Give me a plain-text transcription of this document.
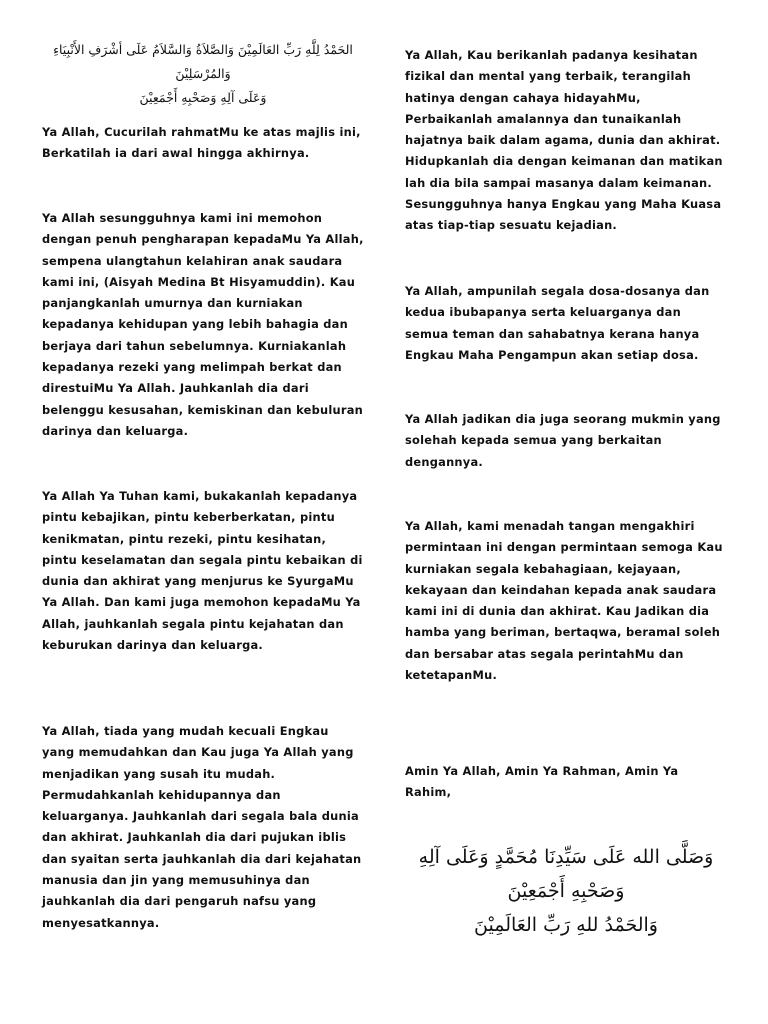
الحَمْدُ لِلَّهِ رَبِّ العَالَمِيْنَ وَالصَّلاَةُ وَالسَّلاَمُ عَلَى أشْرَفِ الأَنْبِيَاءِ
وَالمُرْسَلِيْنَ
وَعَلَى آلِهِ وَصَحْبِهِ أَجْمَعِيْنَ

Ya Allah, Cucurilah rahmatMu ke atas majlis ini, Berkatilah ia dari awal hingga akhirnya.

Ya Allah sesungguhnya kami ini memohon dengan penuh pengharapan kepadaMu Ya Allah, sempena ulangtahun kelahiran anak saudara kami ini, (Aisyah Medina Bt Hisyamuddin). Kau panjangkanlah umurnya dan kurniakan kepadanya kehidupan yang lebih bahagia dan berjaya dari tahun sebelumnya. Kurniakanlah kepadanya rezeki yang melimpah berkat dan direstuiMu Ya Allah. Jauhkanlah dia dari belenggu kesusahan, kemiskinan dan kebuluran darinya dan keluarga.

Ya Allah Ya Tuhan kami, bukakanlah kepadanya pintu kebajikan, pintu keberberkatan, pintu kenikmatan, pintu rezeki, pintu kesihatan, pintu keselamatan dan segala pintu kebaikan di dunia dan akhirat yang menjurus ke SyurgaMu Ya Allah. Dan kami juga memohon kepadaMu Ya Allah, jauhkanlah segala pintu kejahatan dan keburukan darinya dan keluarga.

Ya Allah, tiada yang mudah kecuali Engkau yang memudahkan dan Kau juga Ya Allah yang menjadikan yang susah itu mudah. Permudahkanlah kehidupannya dan keluarganya. Jauhkanlah dari segala bala dunia dan akhirat. Jauhkanlah dia dari pujukan iblis dan syaitan serta jauhkanlah dia dari kejahatan manusia dan jin yang memusuhinya dan jauhkanlah dia dari pengaruh nafsu yang menyesatkannya.

Ya Allah, Kau berikanlah padanya kesihatan fizikal dan mental yang terbaik, terangilah hatinya dengan cahaya hidayahMu, Perbaikanlah amalannya dan tunaikanlah hajatnya baik dalam agama, dunia dan akhirat. Hidupkanlah dia dengan keimanan dan matikan lah dia bila sampai masanya dalam keimanan. Sesungguhnya hanya Engkau yang Maha Kuasa atas tiap-tiap sesuatu kejadian.

Ya Allah, ampunilah segala dosa-dosanya dan kedua ibubapanya serta keluarganya dan semua teman dan sahabatnya kerana hanya Engkau Maha Pengampun akan setiap dosa.

Ya Allah jadikan dia juga seorang mukmin yang solehah kepada semua yang berkaitan dengannya.

Ya Allah, kami menadah tangan mengakhiri permintaan ini dengan permintaan semoga Kau kurniakan segala kebahagiaan, kejayaan, kekayaan dan keindahan kepada anak saudara kami ini di dunia dan akhirat. Kau Jadikan dia hamba yang beriman, bertaqwa, beramal soleh dan bersabar atas segala perintahMu dan ketetapanMu.

Amin Ya Allah, Amin Ya Rahman, Amin Ya Rahim,

وَصَلَّى الله عَلَى سَيِّدِنَا مُحَمَّدٍ وَعَلَى آلِهِ
وَصَحْبِهِ أَجْمَعِيْنَ
وَالحَمْدُ للهِ رَبِّ العَالَمِيْنَ
